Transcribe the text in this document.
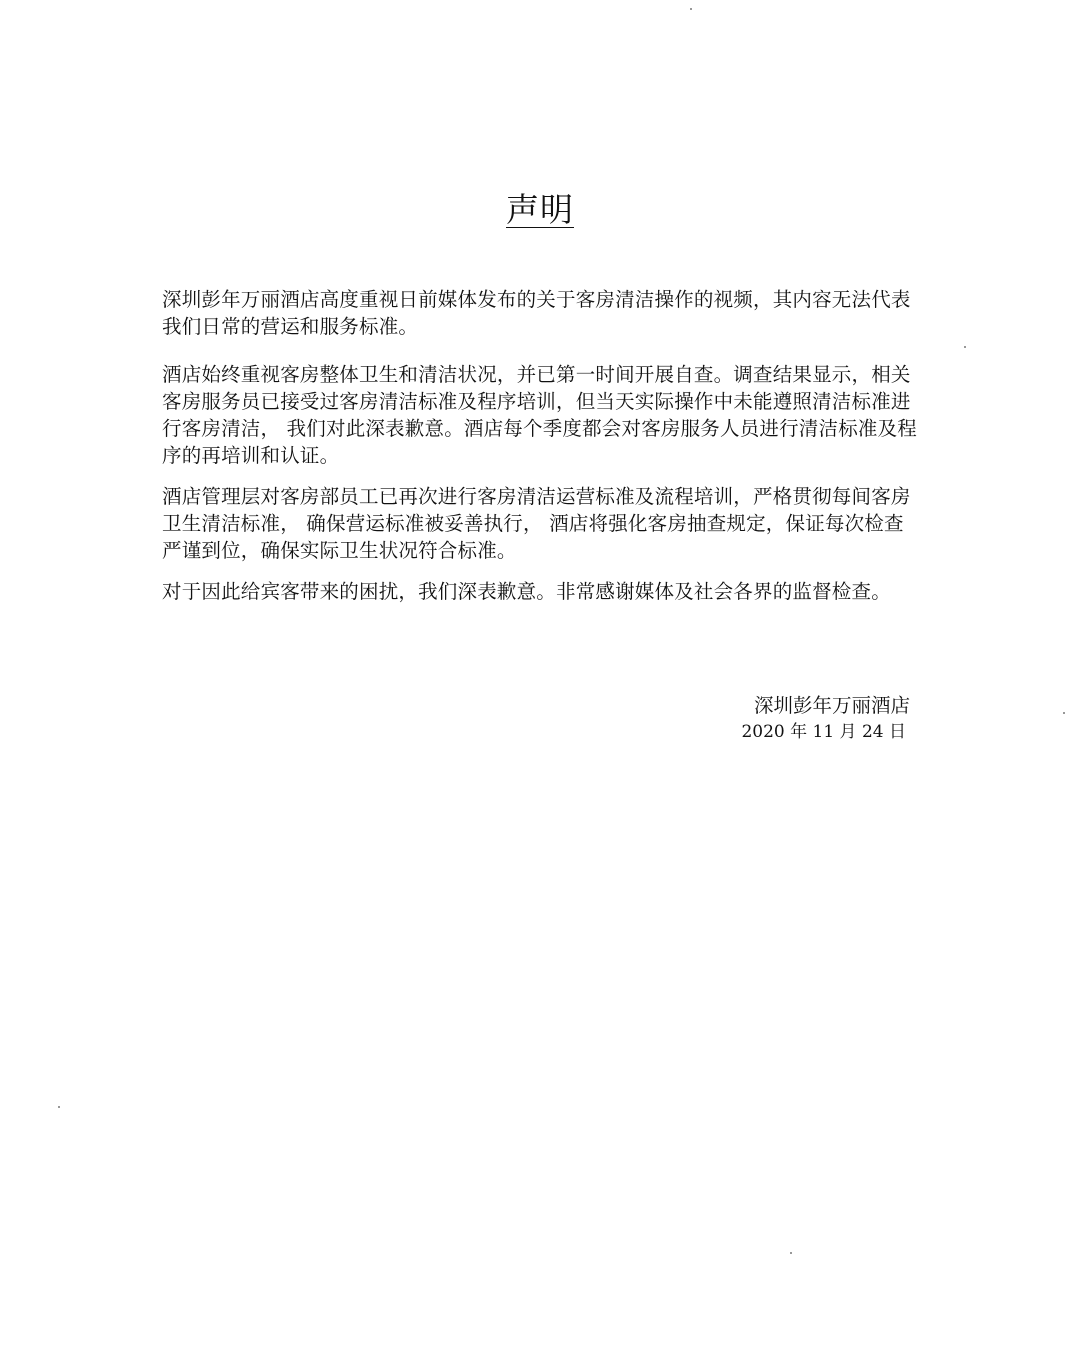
声明
深圳彭年万丽酒店高度重视日前媒体发布的关于客房清洁操作的视频，其内容无法代表我们日常的营运和服务标准。
酒店始终重视客房整体卫生和清洁状况，并已第一时间开展自查。调查结果显示，相关客房服务员已接受过客房清洁标准及程序培训，但当天实际操作中未能遵照清洁标准进行客房清洁， 我们对此深表歉意。酒店每个季度都会对客房服务人员进行清洁标准及程序的再培训和认证。
酒店管理层对客房部员工已再次进行客房清洁运营标准及流程培训，严格贯彻每间客房卫生清洁标准， 确保营运标准被妥善执行， 酒店将强化客房抽查规定，保证每次检查严谨到位，确保实际卫生状况符合标准。
对于因此给宾客带来的困扰，我们深表歉意。非常感谢媒体及社会各界的监督检查。
深圳彭年万丽酒店
2020 年 11 月 24 日
